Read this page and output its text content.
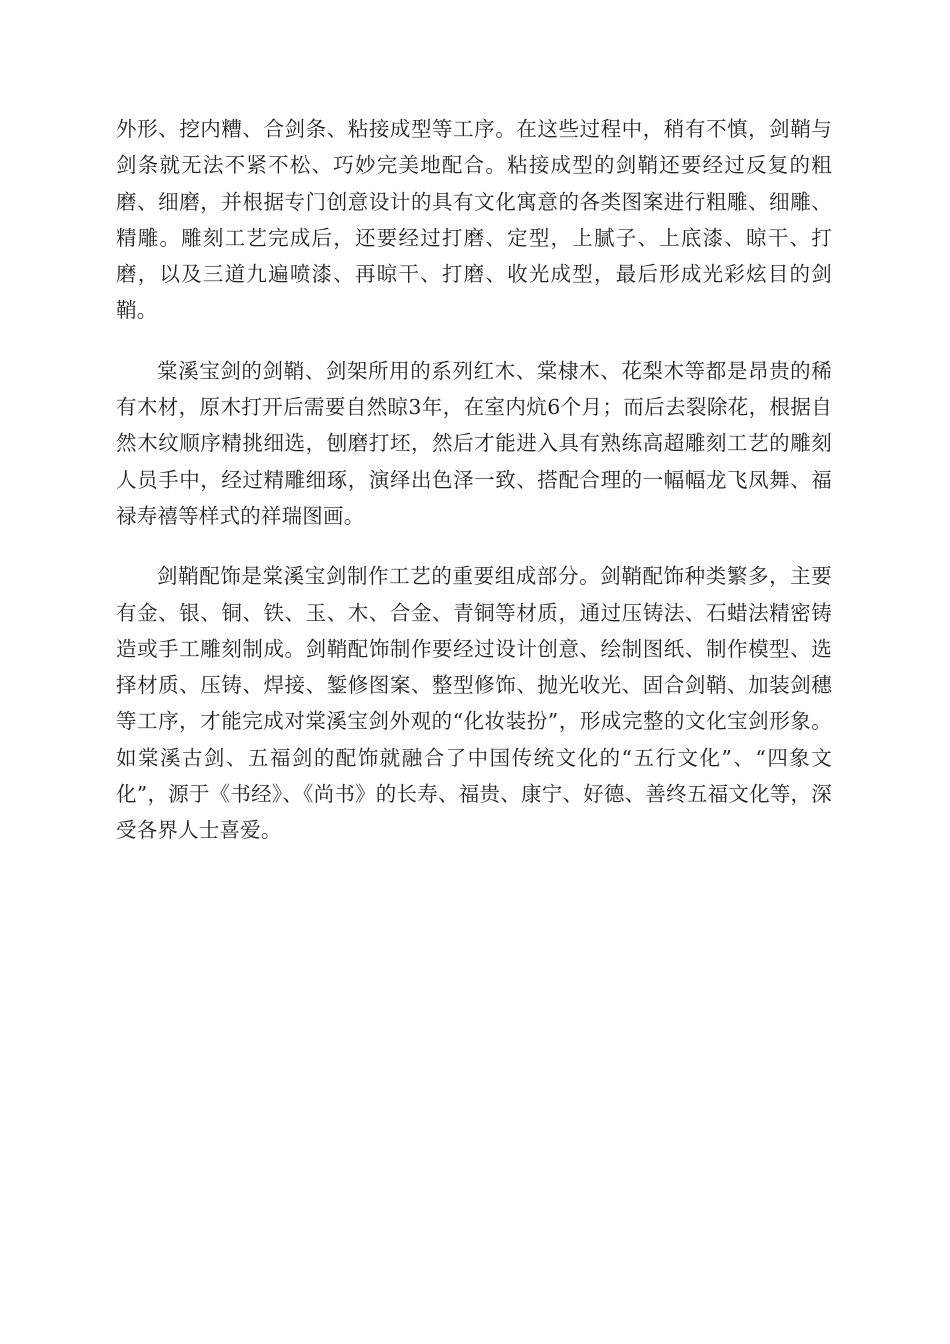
外形、挖内糟、合剑条、粘接成型等工序。在这些过程中，稍有不慎，剑鞘与剑条就无法不紧不松、巧妙完美地配合。粘接成型的剑鞘还要经过反复的粗磨、细磨，并根据专门创意设计的具有文化寓意的各类图案进行粗雕、细雕、精雕。雕刻工艺完成后，还要经过打磨、定型，上腻子、上底漆、晾干、打磨，以及三道九遍喷漆、再晾干、打磨、收光成型，最后形成光彩炫目的剑鞘。

棠溪宝剑的剑鞘、剑架所用的系列红木、棠棣木、花梨木等都是昂贵的稀有木材，原木打开后需要自然晾3年，在室内炕6个月；而后去裂除花，根据自然木纹顺序精挑细选，刨磨打坯，然后才能进入具有熟练高超雕刻工艺的雕刻人员手中，经过精雕细琢，演绎出色泽一致、搭配合理的一幅幅龙飞凤舞、福禄寿禧等样式的祥瑞图画。

剑鞘配饰是棠溪宝剑制作工艺的重要组成部分。剑鞘配饰种类繁多，主要有金、银、铜、铁、玉、木、合金、青铜等材质，通过压铸法、石蜡法精密铸造或手工雕刻制成。剑鞘配饰制作要经过设计创意、绘制图纸、制作模型、选择材质、压铸、焊接、錾修图案、整型修饰、抛光收光、固合剑鞘、加装剑穗等工序，才能完成对棠溪宝剑外观的“化妆装扮”，形成完整的文化宝剑形象。如棠溪古剑、五福剑的配饰就融合了中国传统文化的“五行文化”、“四象文化”，源于《书经》、《尚书》的长寿、福贵、康宁、好德、善终五福文化等，深受各界人士喜爱。
